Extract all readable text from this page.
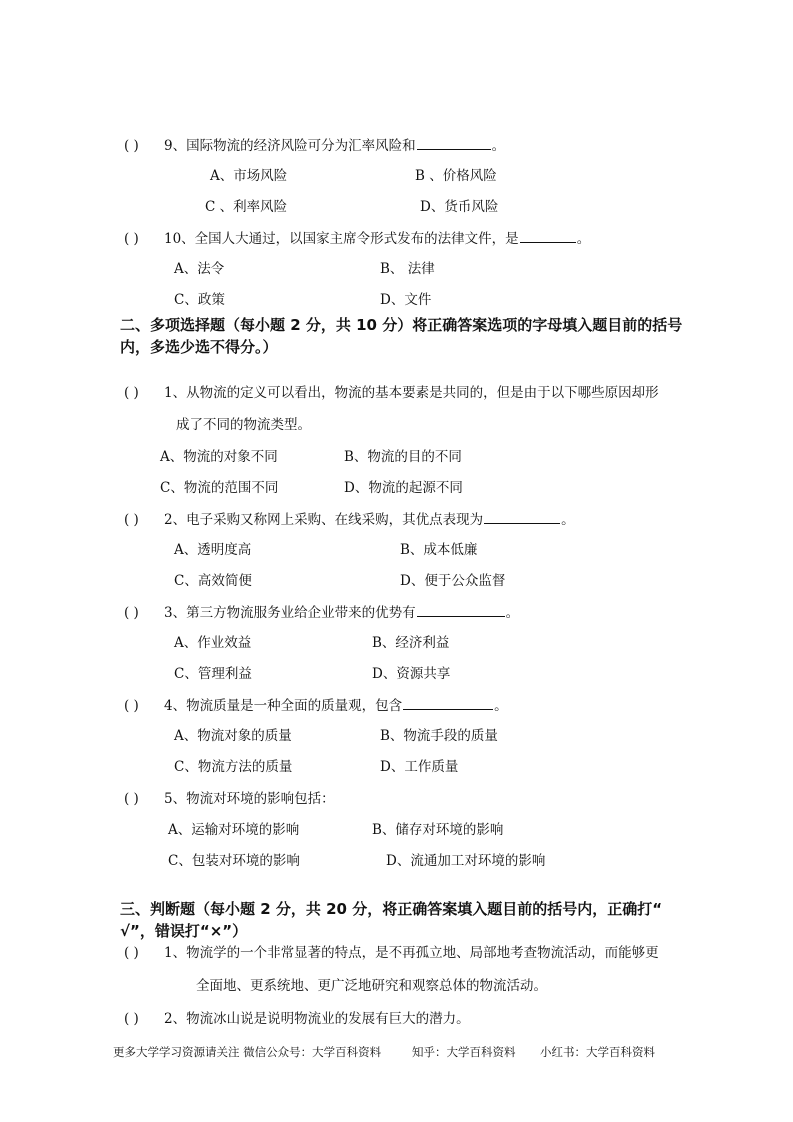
( ) 9、国际物流的经济风险可分为汇率风险和	。
A、市场风险	B 、价格风险
C 、利率风险	D、货币风险
( ) 10、全国人大通过，以国家主席令形式发布的法律文件，是	。
A、法令	B、 法律
C、政策	D、文件
二、多项选择题（每小题 2 分，共 10 分）将正确答案选项的字母填入题目前的括号内，多选少选不得分。）
( ) 1、从物流的定义可以看出，物流的基本要素是共同的，但是由于以下哪些原因却形
成了不同的物流类型。
A、物流的对象不同	B、物流的目的不同
C、物流的范围不同	D、物流的起源不同
( ) 2、电子采购又称网上采购、在线采购，其优点表现为	。
A、透明度高	B、成本低廉
C、高效简便	D、便于公众监督
( ) 3、第三方物流服务业给企业带来的优势有	。
A、作业效益	B、经济利益
C、管理利益	D、资源共享
( ) 4、物流质量是一种全面的质量观，包含	。
A、物流对象的质量	B、物流手段的质量
C、物流方法的质量	D、工作质量
( ) 5、物流对环境的影响包括：
A、运输对环境的影响	B、储存对环境的影响
C、包装对环境的影响	D、流通加工对环境的影响
三、判断题（每小题 2 分，共 20 分，将正确答案填入题目前的括号内，正确打“ √”，错误打“×”）
( ) 1、物流学的一个非常显著的特点，是不再孤立地、局部地考查物流活动，而能够更
全面地、更系统地、更广泛地研究和观察总体的物流活动。
( ) 2、物流冰山说是说明物流业的发展有巨大的潜力。
更多大学学习资源请关注 微信公众号：大学百科资料	知乎：大学百科资料 小红书：大学百科资料
